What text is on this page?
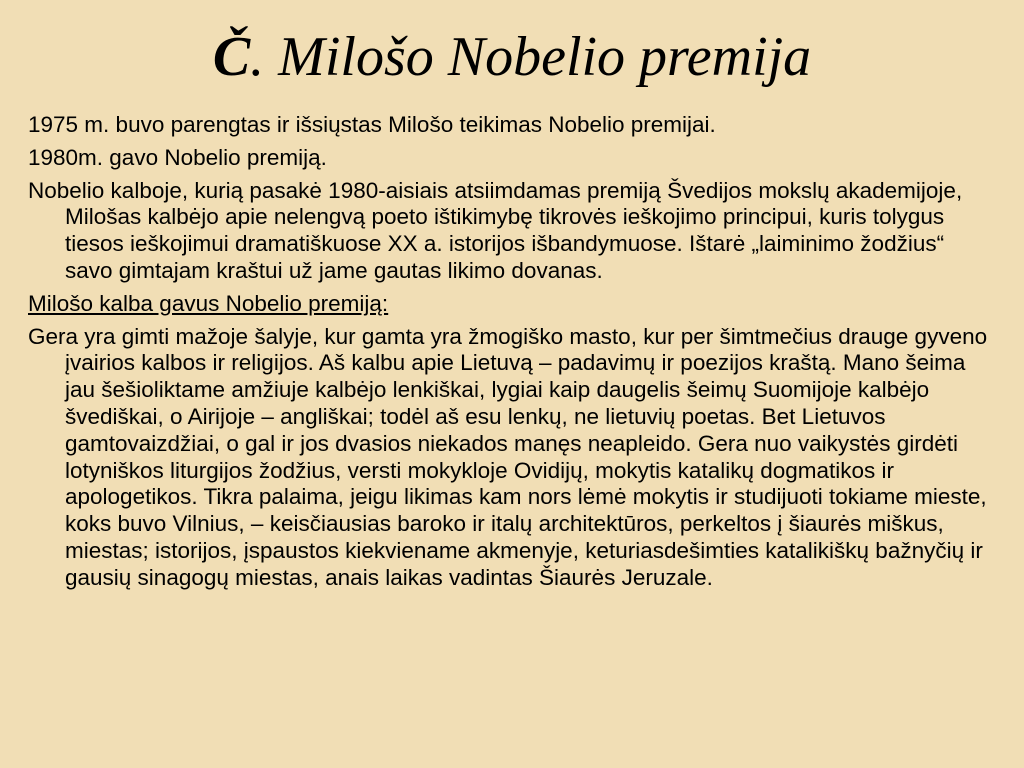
Č. Milošo Nobelio premija

1975 m. buvo parengtas ir išsiųstas Milošo teikimas Nobelio premijai.

1980m. gavo Nobelio premiją.

Nobelio kalboje, kurią pasakė 1980-aisiais atsiimdamas premiją Švedijos mokslų akademijoje, Milošas kalbėjo apie nelengvą poeto ištikimybę tikrovės ieškojimo principui, kuris tolygus tiesos ieškojimui dramatiškuose XX a. istorijos išbandymuose. Ištarė „laiminimo žodžius“ savo gimtajam kraštui už jame gautas likimo dovanas.

Milošo kalba gavus Nobelio premiją:

Gera yra gimti mažoje šalyje, kur gamta yra žmogiško masto, kur per šimtmečius drauge gyveno įvairios kalbos ir religijos. Aš kalbu apie Lietuvą – padavimų ir poezijos kraštą. Mano šeima jau šešioliktame amžiuje kalbėjo lenkiškai, lygiai kaip daugelis šeimų Suomijoje kalbėjo švediškai, o Airijoje – angliškai; todėl aš esu lenkų, ne lietuvių poetas. Bet Lietuvos gamtovaizdžiai, o gal ir jos dvasios niekados manęs neapleido. Gera nuo vaikystės girdėti lotyniškos liturgijos žodžius, versti mokykloje Ovidijų, mokytis katalikų dogmatikos ir apologetikos. Tikra palaima, jeigu likimas kam nors lėmė mokytis ir studijuoti tokiame mieste, koks buvo Vilnius, – keisčiausias baroko ir italų architektūros, perkeltos į šiaurės miškus, miestas; istorijos, įspaustos kiekviename akmenyje, keturiasdešimties katalikiškų bažnyčių ir gausių sinagogų miestas, anais laikas vadintas Šiaurės Jeruzale.
